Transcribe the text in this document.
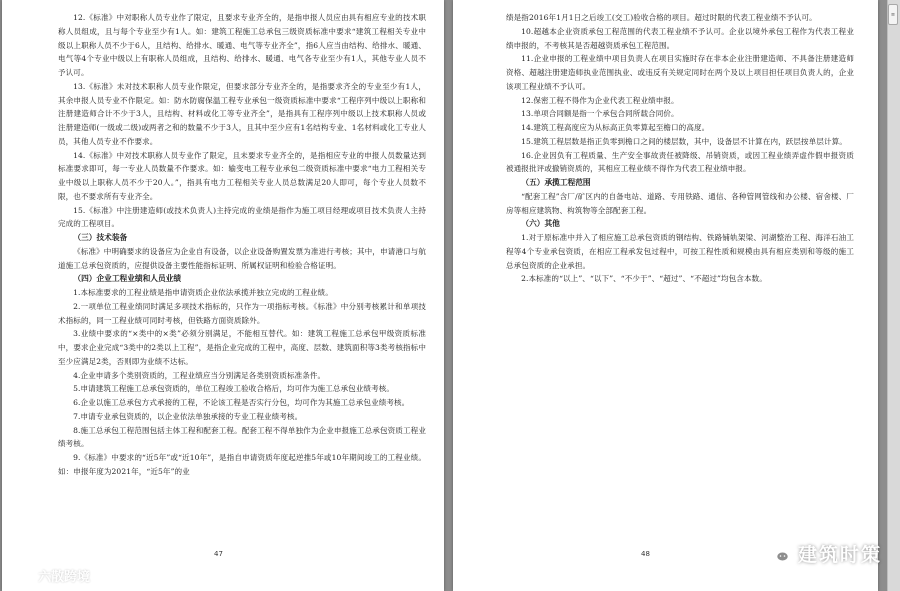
12.《标准》中对职称人员专业作了限定，且要求专业齐全的，是指申报人员应由具有相应专业的技术职称人员组成，且与每个专业至少有1人。如：建筑工程施工总承包三级资质标准中要求“建筑工程相关专业中级以上职称人员不少于6人，且结构、给排水、暖通、电气等专业齐全”，指6人应当由结构、给排水、暖通、电气等4个专业中级以上有职称人员组成，且结构、给排水、暖通、电气各专业至少有1人，其他专业人员不予认可。

13.《标准》未对技术职称人员专业作限定，但要求部分专业齐全的，是指要求齐全的专业至少有1人，其余申报人员专业不作限定。如：防水防腐保温工程专业承包一级资质标准中要求“工程序列中级以上职称和注册建造师合计不少于3人，且结构、材料或化工等专业齐全”，是指具有工程序列中级以上技术职称人员或注册建造师(一级或二级)或两者之和的数量不少于3人，且其中至少应有1名结构专业、1名材料或化工专业人员，其他人员专业不作要求。

14.《标准》中对技术职称人员专业作了限定，且未要求专业齐全的，是指相应专业的申报人员数量达到标准要求即可，每一专业人员数量不作要求。如：输变电工程专业承包二级资质标准中要求“电力工程相关专业中级以上职称人员不少于20人。”，指具有电力工程相关专业人员总数满足20人即可，每个专业人员数不限，也不要求所有专业齐全。

15.《标准》中注册建造师(或技术负责人)主持完成的业绩是指作为施工项目经理或项目技术负责人主持完成的工程项目。

（三）技术装备

《标准》中明确要求的设备应为企业自有设备，以企业设备购置发票为准进行考核；其中，申请港口与航道施工总承包资质的，应提供设备主要性能指标证明、所属权证明和检验合格证明。

（四）企业工程业绩和人员业绩

1.本标准要求的工程业绩是指申请资质企业依法承揽并独立完成的工程业绩。

2.一项单位工程业绩同时满足多项技术指标的，只作为一项指标考核。《标准》中分别考核累计和单项技术指标的，同一工程业绩可同时考核，但铁路方面资质除外。

3.业绩中要求的“×类中的×类”必须分别满足，不能相互替代。如：建筑工程施工总承包甲级资质标准中，要求企业完成“3类中的2类以上工程”，是指企业完成的工程中，高度、层数、建筑面积等3类考核指标中至少应满足2类，否则即为业绩不达标。

4.企业申请多个类别资质的，工程业绩应当分别满足各类别资质标准条件。

5.申请建筑工程施工总承包资质的，单位工程竣工验收合格后，均可作为施工总承包业绩考核。

6.企业以施工总承包方式承接的工程，不论该工程是否实行分包，均可作为其施工总承包业绩考核。

7.申请专业承包资质的，以企业依法单独承接的专业工程业绩考核。

8.施工总承包工程范围包括主体工程和配套工程。配套工程不得单独作为企业申报施工总承包资质工程业绩考核。

9.《标准》中要求的“近5年”或“近10年”，是指自申请资质年度起逆推5年或10年期间竣工的工程业绩。如：申报年度为2021年，“近5年”的业

47

绩是指2016年1月1日之后竣工(交工)验收合格的项目。超过时限的代表工程业绩不予认可。

10.超越本企业资质承包工程范围的代表工程业绩不予认可。企业以境外承包工程作为代表工程业绩申报的，不考核其是否超越资质承包工程范围。

11.企业申报的工程业绩中项目负责人在项目实施时存在非本企业注册建造师、不具备注册建造师资格、超越注册建造师执业范围执业、或违反有关规定同时在两个及以上项目担任项目负责人的，企业该项工程业绩不予认可。

12.保密工程不得作为企业代表工程业绩申报。

13.单项合同额是指一个承包合同所载合同价。

14.建筑工程高度应为从标高正负零算起至檐口的高度。

15.建筑工程层数是指正负零到檐口之间的楼层数，其中，设备层不计算在内，跃层按单层计算。

16.企业因负有工程质量、生产安全事故责任被降级、吊销资质，或因工程业绩弄虚作假申报资质被通报批评或撤销资质的，其相应工程业绩不得作为代表工程业绩申报。

（五）承揽工程范围

“配套工程”含厂/矿区内的自备电站、道路、专用铁路、通信、各种管网管线和办公楼、宿舍楼、厂房等相应建筑物、构筑物等全部配套工程。

（六）其他

1.对于原标准中并入了相应施工总承包资质的钢结构、铁路铺轨架梁、河湖整治工程、海洋石油工程等4个专业承包资质，在相应工程承发包过程中，可按工程性质和规模由具有相应类别和等级的施工总承包资质的企业承担。

2.本标准的“以上”、“以下”、“不少于”、“超过”、“不超过”均包含本数。

48
≡
六散跨境
建筑时策
